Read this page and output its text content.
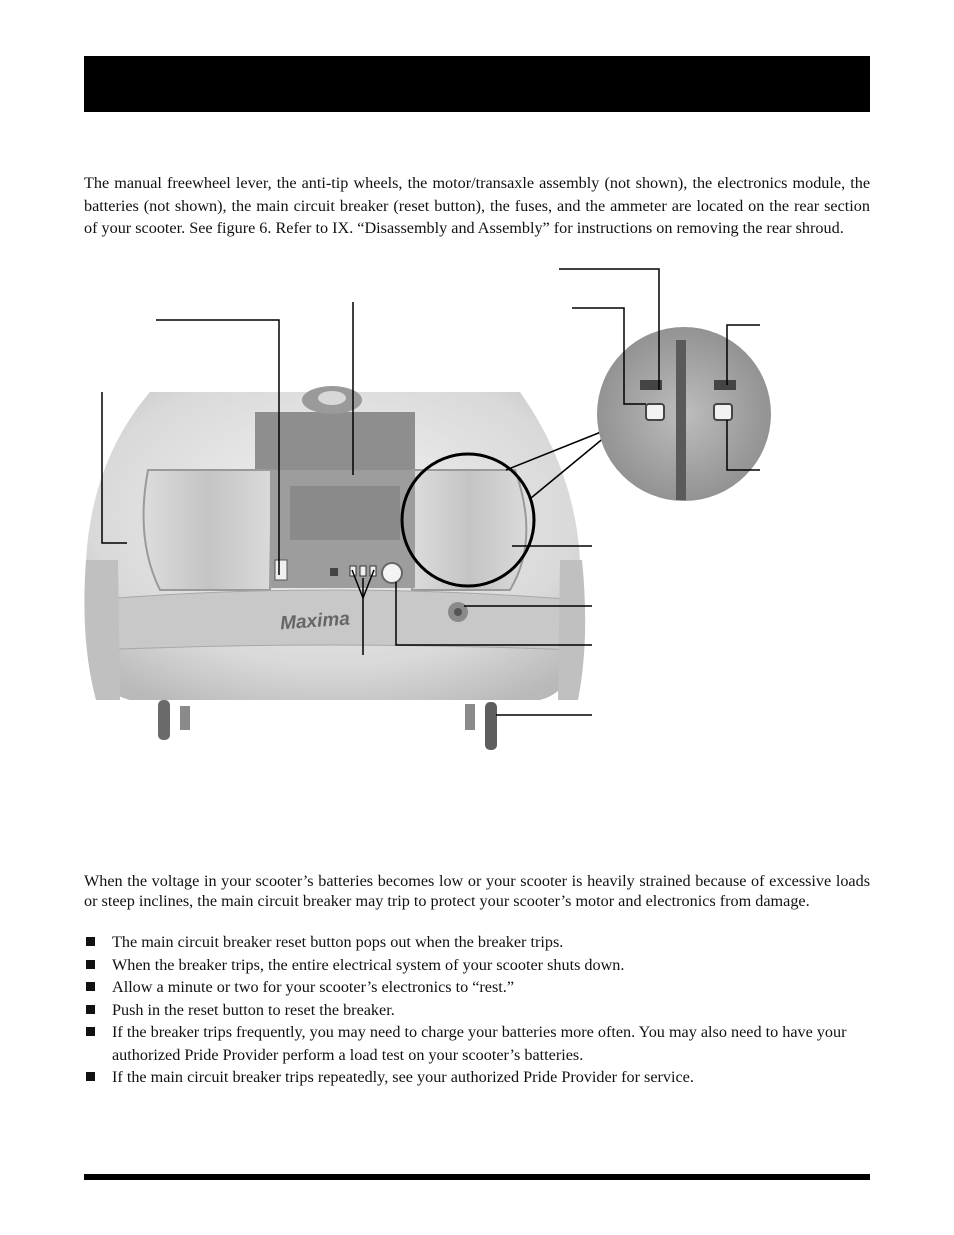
The manual freewheel lever, the anti-tip wheels, the motor/transaxle assembly (not shown), the electronics module, the batteries (not shown), the main circuit breaker (reset button), the fuses, and the ammeter are located on the rear section of your scooter. See figure 6. Refer to IX. “Disassembly and Assembly” for instructions on removing the rear shroud.

Maxima

When the voltage in your scooter’s batteries becomes low or your scooter is heavily strained because of excessive loads or steep inclines, the main circuit breaker may trip to protect your scooter’s motor and electronics from damage.

The main circuit breaker reset button pops out when the breaker trips.
When the breaker trips, the entire electrical system of your scooter shuts down.
Allow a minute or two for your scooter’s electronics to “rest.”
Push in the reset button to reset the breaker.
If the breaker trips frequently, you may need to charge your batteries more often. You may also need to have your authorized Pride Provider perform a load test on your scooter’s batteries.
If the main circuit breaker trips repeatedly, see your authorized Pride Provider for service.
